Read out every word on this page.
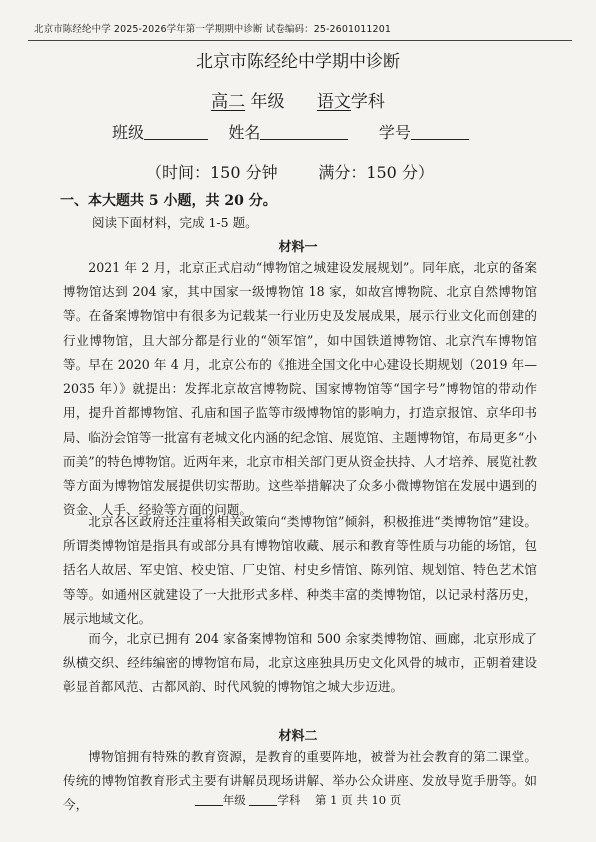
北京市陈经纶中学 2025-2026学年第一学期期中诊断 试卷编码：25-2601011201
北京市陈经纶中学期中诊断
高二 年级 语文学科
班级	姓名	学号
（时间：150 分钟        满分：150 分）
一、本大题共 5 小题，共 20 分。
阅读下面材料，完成 1-5 题。
材料一
2021 年 2 月，北京正式启动“博物馆之城建设发展规划”。同年底，北京的备案博物馆达到 204 家，其中国家一级博物馆 18 家，如故宫博物院、北京自然博物馆等。在备案博物馆中有很多为记载某一行业历史及发展成果，展示行业文化而创建的行业博物馆，且大部分都是行业的“领军馆”，如中国铁道博物馆、北京汽车博物馆等。 早在 2020 年 4 月，北京公布的《推进全国文化中心建设长期规划（2019 年—2035 年）》就提出：发挥北京故宫博物院、国家博物馆等“国字号”博物馆的带动作用，提升首都博物馆、孔庙和国子监等市级博物馆的影响力，打造京报馆、京华印书局、临汾会馆等一批富有老城文化内涵的纪念馆、展览馆、主题博物馆，布局更多“小而美”的特色博物馆。近两年来，北京市相关部门更从资金扶持、人才培养、展览社教等方面为博物馆发展提供切实帮助。这些举措解决了众多小微博物馆在发展中遇到的资金、人手、经验等方面的问题。
北京各区政府还注重将相关政策向“类博物馆”倾斜，积极推进“类博物馆”建设。所谓类博物馆是指具有或部分具有博物馆收藏、展示和教育等性质与功能的场馆，包括名人故居、军史馆、校史馆、厂史馆、村史乡情馆、陈列馆、规划馆、特色艺术馆等等。如通州区就建设了一大批形式多样、种类丰富的类博物馆，以记录村落历史，展示地域文化。
而今，北京已拥有 204 家备案博物馆和 500 余家类博物馆、画廊，北京形成了纵横交织、经纬编密的博物馆布局，北京这座独具历史文化风骨的城市，正朝着建设彰显首都风范、古都风韵、时代风貌的博物馆之城大步迈进。
材料二
博物馆拥有特殊的教育资源，是教育的重要阵地，被誉为社会教育的第二课堂。传统的博物馆教育形式主要有讲解员现场讲解、举办公众讲座、发放导览手册等。如今，	年级	学科 第 1 页 共 10 页
